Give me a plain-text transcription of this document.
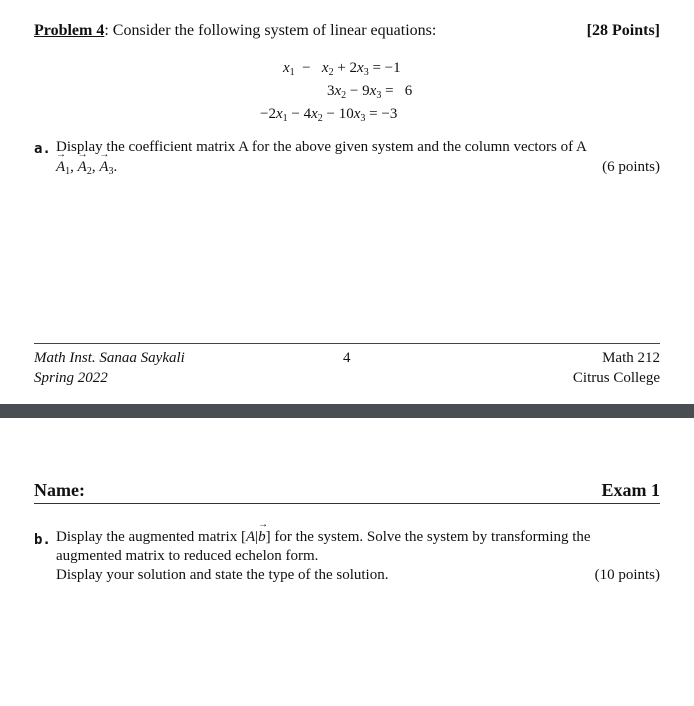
Problem 4: Consider the following system of linear equations:	[28 Points]
$x_1 - x_2 + 2x_3 = -1$
$3x_2 - 9x_3 = 6$
$-2x_1 - 4x_2 - 10x_3 = -3$
a. Display the coefficient matrix A for the above given system and the column vectors of A
→ $A_1$, → $A_2$, → $A_3$.	(6 points)
Math Inst. Sanaa Saykali
Spring 2022
4	Math 212
Citrus College
Name:	Exam 1
b. Display the augmented matrix [A|→ b] for the system. Solve the system by transforming the
augmented matrix to reduced echelon form.
Display your solution and state the type of the solution.	(10 points)
